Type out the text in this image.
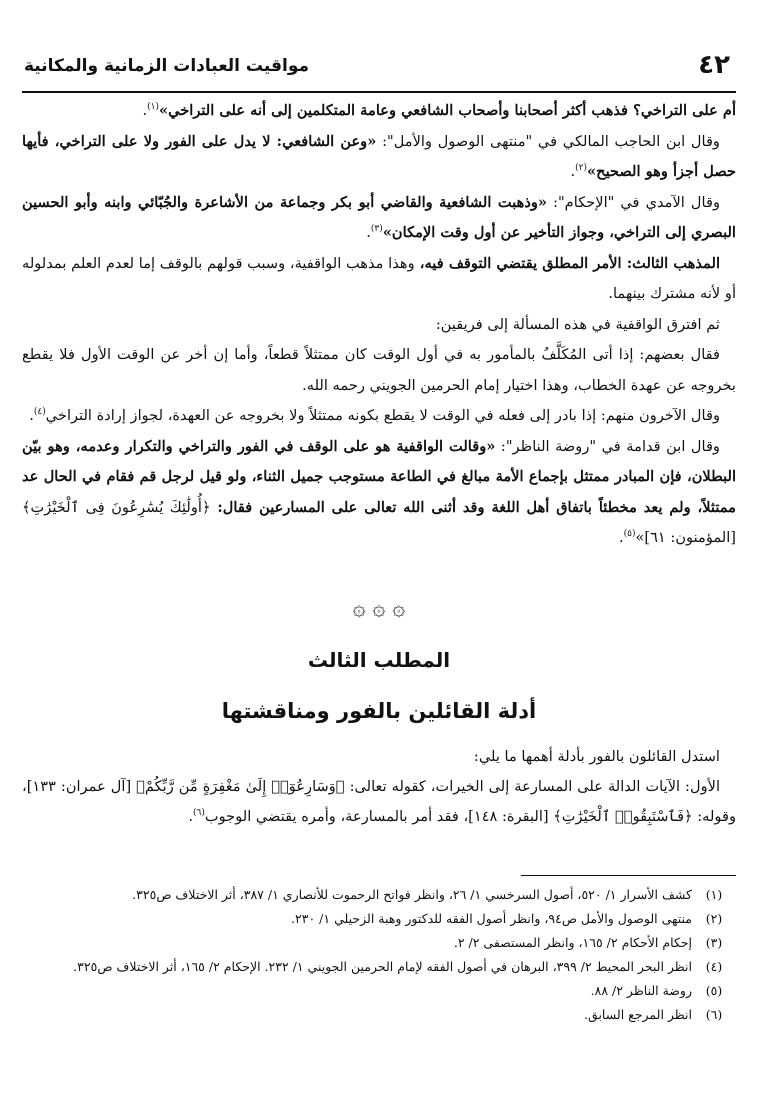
٤٢
مواقيت العبادات الزمانية والمكانية

أم على التراخي؟ فذهب أكثر أصحابنا وأصحاب الشافعي وعامة المتكلمين إلى أنه على التراخي»$^{(١)}$.

وقال ابن الحاجب المالكي في "منتهى الوصول والأمل": «وعن الشافعي: لا يدل على الفور ولا على التراخي، فأيها حصل أجزأ وهو الصحيح»$^{(٢)}$.

وقال الآمدي في "الإحكام": «وذهبت الشافعية والقاضي أبو بكر وجماعة من الأشاعرة والجُبّائي وابنه وأبو الحسين البصري إلى التراخي، وجواز التأخير عن أول وقت الإمكان»$^{(٣)}$.

المذهب الثالث: الأمر المطلق يقتضي التوقف فيه، وهذا مذهب الواقفية، وسبب قولهم بالوقف إما لعدم العلم بمدلوله أو لأنه مشترك بينهما.

ثم افترق الواقفية في هذه المسألة إلى فريقين:

فقال بعضهم: إذا أتى المُكَلَّفُ بالمأمور به في أول الوقت كان ممتثلاً قطعاً، وأما إن أخر عن الوقت الأول فلا يقطع بخروجه عن عهدة الخطاب، وهذا اختيار إمام الحرمين الجويني رحمه الله.

وقال الآخرون منهم: إذا بادر إلى فعله في الوقت لا يقطع بكونه ممتثلاً ولا بخروجه عن العهدة، لجواز إرادة التراخي$^{(٤)}$.

وقال ابن قدامة في "روضة الناظر": «وقالت الواقفية هو على الوقف في الفور والتراخي والتكرار وعدمه، وهو بيّن البطلان، فإن المبادر ممتثل بإجماع الأمة مبالغ في الطاعة مستوجب جميل الثناء، ولو قيل لرجل قم فقام في الحال عد ممتثلاً، ولم يعد مخطئاً باتفاق أهل اللغة وقد أثنى الله تعالى على المسارعين فقال: ﴿أُولَٰئِكَ يُسَٰرِعُونَ فِى ٱلْخَيْرَٰتِ﴾ [المؤمنون: ٦١]»$^{(٥)}$.

۞ ۞ ۞
المطلب الثالث
أدلة القائلين بالفور ومناقشتها

استدل القائلون بالفور بأدلة أهمها ما يلي:

الأول: الآيات الدالة على المسارعة إلى الخيرات، كقوله تعالى: ﴿وَسَارِعُوٓا۟ إِلَىٰ مَغْفِرَةٍ مِّن رَّبِّكُمْ﴾ [آل عمران: ١٣٣]، وقوله: ﴿فَٱسْتَبِقُوا۟ ٱلْخَيْرَٰتِ﴾ [البقرة: ١٤٨]، فقد أمر بالمسارعة، وأمره يقتضي الوجوب$^{(٦)}$.

(١)
كشف الأسرار ١/ ٥٢٠، أصول السرخسي ١/ ٢٦، وانظر فواتح الرحموت للأنصاري ١/ ٣٨٧، أثر الاختلاف ص٣٢٥.
(٢)
منتهى الوصول والأمل ص٩٤، وانظر أصول الفقه للدكتور وهبة الزحيلي ١/ ٢٣٠.
(٣)
إحكام الأحكام ٢/ ١٦٥، وانظر المستصفى ٢/ ٢.
(٤)
انظر البحر المحيط ٢/ ٣٩٩، البرهان في أصول الفقه لإمام الحرمين الجويني ١/ ٢٣٢. الإحكام ٢/ ١٦٥، أثر الاختلاف ص٣٢٥.
(٥)
روضة الناظر ٢/ ٨٨.
(٦)
انظر المرجع السابق.
